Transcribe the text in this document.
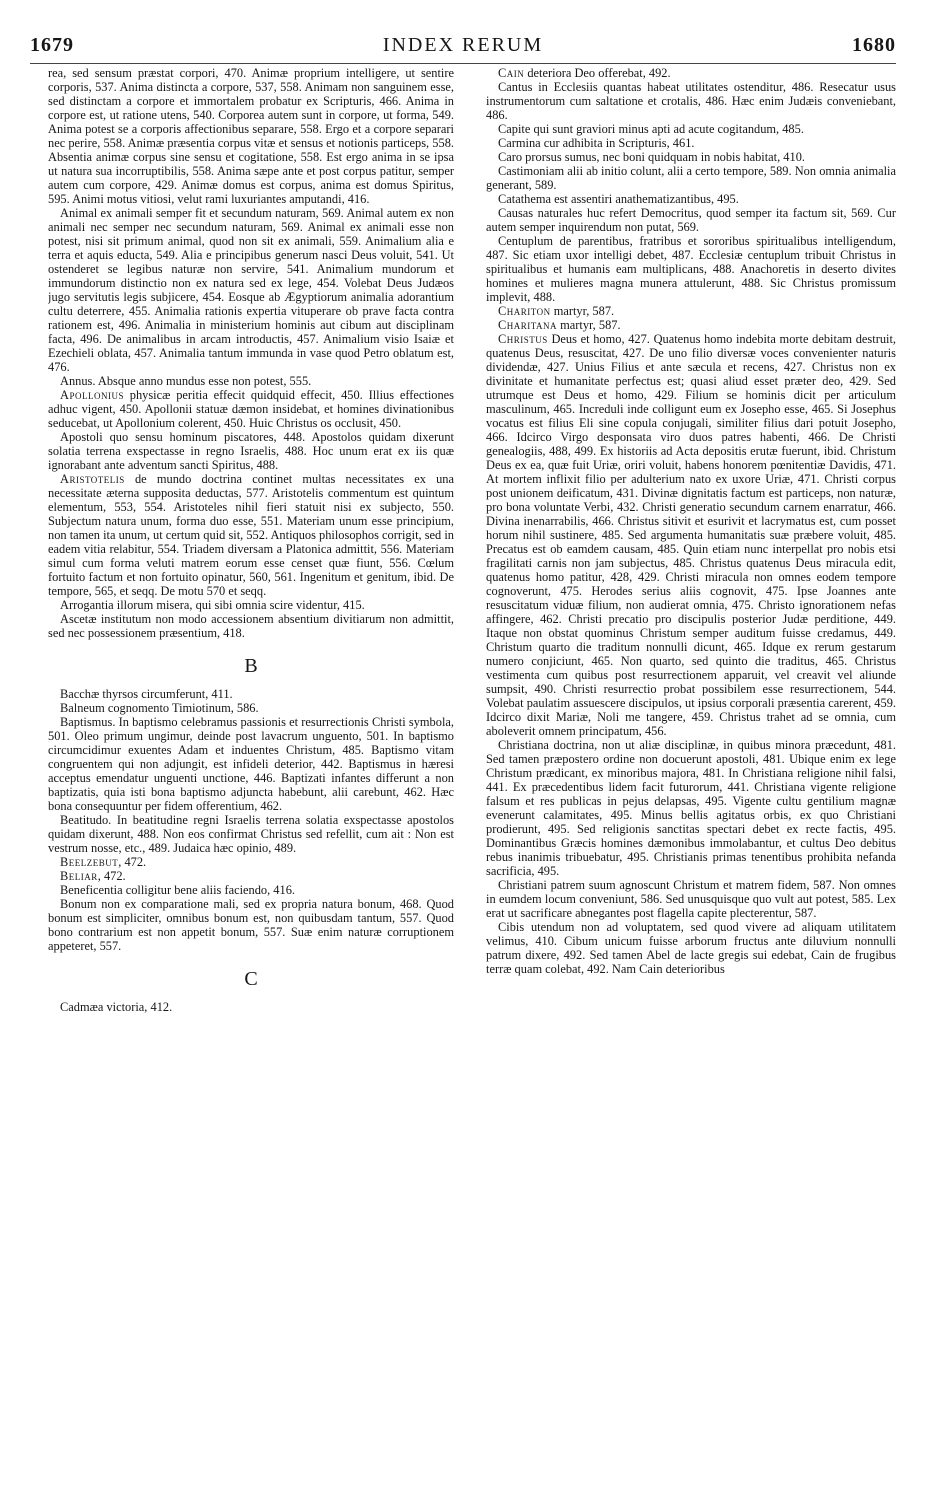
1679	INDEX RERUM	1680

rea, sed sensum præstat corpori, 470. Animæ proprium intelligere, ut sentire corporis, 537. Anima distincta a corpore, 537, 558. Animam non sanguinem esse, sed distinctam a corpore et immortalem probatur ex Scripturis, 466. Anima in corpore est, ut ratione utens, 540. Corporea autem sunt in corpore, ut forma, 549. Anima potest se a corporis affectionibus separare, 558. Ergo et a corpore separari nec perire, 558. Animæ præsentia corpus vitæ et sensus et notionis particeps, 558. Absentia animæ corpus sine sensu et cogitatione, 558. Est ergo anima in se ipsa ut natura sua incorruptibilis, 558. Anima sæpe ante et post corpus patitur, semper autem cum corpore, 429. Animæ domus est corpus, anima est domus Spiritus, 595. Animi motus vitiosi, velut rami luxuriantes amputandi, 416.

Animal ex animali semper fit et secundum naturam, 569. Animal autem ex non animali nec semper nec secundum naturam, 569. Animal ex animali esse non potest, nisi sit primum animal, quod non sit ex animali, 559. Animalium alia e terra et aquis educta, 549. Alia e principibus generum nasci Deus voluit, 541. Ut ostenderet se legibus naturæ non servire, 541. Animalium mundorum et immundorum distinctio non ex natura sed ex lege, 454. Volebat Deus Judæos jugo servitutis legis subjicere, 454. Eosque ab Ægyptiorum animalia adorantium cultu deterrere, 455. Animalia rationis expertia vituperare ob prave facta contra rationem est, 496. Animalia in ministerium hominis aut cibum aut disciplinam facta, 496. De animalibus in arcam introductis, 457. Animalium visio Isaiæ et Ezechieli oblata, 457. Animalia tantum immunda in vase quod Petro oblatum est, 476.

Annus. Absque anno mundus esse non potest, 555.

Apollonius physicæ peritia effecit quidquid effecit, 450. Illius effectiones adhuc vigent, 450. Apollonii statuæ dæmon insidebat, et homines divinationibus seducebat, ut Apollonium colerent, 450. Huic Christus os occlusit, 450.

Apostoli quo sensu hominum piscatores, 448. Apostolos quidam dixerunt solatia terrena exspectasse in regno Israelis, 488. Hoc unum erat ex iis quæ ignorabant ante adventum sancti Spiritus, 488.

Aristotelis de mundo doctrina continet multas necessitates ex una necessitate æterna supposita deductas, 577. Aristotelis commentum est quintum elementum, 553, 554. Aristoteles nihil fieri statuit nisi ex subjecto, 550. Subjectum natura unum, forma duo esse, 551. Materiam unum esse principium, non tamen ita unum, ut certum quid sit, 552. Antiquos philosophos corrigit, sed in eadem vitia relabitur, 554. Triadem diversam a Platonica admittit, 556. Materiam simul cum forma veluti matrem eorum esse censet quæ fiunt, 556. Cœlum fortuito factum et non fortuito opinatur, 560, 561. Ingenitum et genitum, ibid. De tempore, 565, et seqq. De motu 570 et seqq.

Arrogantia illorum misera, qui sibi omnia scire videntur, 415.

Ascetæ institutum non modo accessionem absentium divitiarum non admittit, sed nec possessionem præsentium, 418.

B

Bacchæ thyrsos circumferunt, 411.

Balneum cognomento Timiotinum, 586.

Baptismus. In baptismo celebramus passionis et resurrectionis Christi symbola, 501. Oleo primum ungimur, deinde post lavacrum unguento, 501. In baptismo circumcidimur exuentes Adam et induentes Christum, 485. Baptismo vitam congruentem qui non adjungit, est infideli deterior, 442. Baptismus in hæresi acceptus emendatur unguenti unctione, 446. Baptizati infantes differunt a non baptizatis, quia isti bona baptismo adjuncta habebunt, alii carebunt, 462. Hæc bona consequuntur per fidem offerentium, 462.

Beatitudo. In beatitudine regni Israelis terrena solatia exspectasse apostolos quidam dixerunt, 488. Non eos confirmat Christus sed refellit, cum ait : Non est vestrum nosse, etc., 489. Judaica hæc opinio, 489.

Beelzebut, 472.

Beliar, 472.

Beneficentia colligitur bene aliis faciendo, 416.

Bonum non ex comparatione mali, sed ex propria natura bonum, 468. Quod bonum est simpliciter, omnibus bonum est, non quibusdam tantum, 557. Quod bono contrarium est non appetit bonum, 557. Suæ enim naturæ corruptionem appeteret, 557.

C

Cadmæa victoria, 412.

Cain deteriora Deo offerebat, 492.

Cantus in Ecclesiis quantas habeat utilitates ostenditur, 486. Resecatur usus instrumentorum cum saltatione et crotalis, 486. Hæc enim Judæis conveniebant, 486.

Capite qui sunt graviori minus apti ad acute cogitandum, 485.

Carmina cur adhibita in Scripturis, 461.

Caro prorsus sumus, nec boni quidquam in nobis habitat, 410.

Castimoniam alii ab initio colunt, alii a certo tempore, 589. Non omnia animalia generant, 589.

Catathema est assentiri anathematizantibus, 495.

Causas naturales huc refert Democritus, quod semper ita factum sit, 569. Cur autem semper inquirendum non putat, 569.

Centuplum de parentibus, fratribus et sororibus spiritualibus intelligendum, 487. Sic etiam uxor intelligi debet, 487. Ecclesiæ centuplum tribuit Christus in spiritualibus et humanis eam multiplicans, 488. Anachoretis in deserto divites homines et mulieres magna munera attulerunt, 488. Sic Christus promissum implevit, 488.

Chariton martyr, 587.

Charitana martyr, 587.

Christus Deus et homo, 427. Quatenus homo indebita morte debitam destruit, quatenus Deus, resuscitat, 427. De uno filio diversæ voces convenienter naturis dividendæ, 427. Unius Filius et ante sæcula et recens, 427. Christus non ex divinitate et humanitate perfectus est; quasi aliud esset præter deo, 429. Sed utrumque est Deus et homo, 429. Filium se hominis dicit per articulum masculinum, 465. Increduli inde colligunt eum ex Josepho esse, 465. Si Josephus vocatus est filius Eli sine copula conjugali, similiter filius dari potuit Josepho, 466. Idcirco Virgo desponsata viro duos patres habenti, 466. De Christi genealogiis, 488, 499. Ex historiis ad Acta depositis erutæ fuerunt, ibid. Christum Deus ex ea, quæ fuit Uriæ, oriri voluit, habens honorem pœnitentiæ Davidis, 471. At mortem inflixit filio per adulterium nato ex uxore Uriæ, 471. Christi corpus post unionem deificatum, 431. Divinæ dignitatis factum est particeps, non naturæ, pro bona voluntate Verbi, 432. Christi generatio secundum carnem enarratur, 466. Divina inenarrabilis, 466. Christus sitivit et esurivit et lacrymatus est, cum posset horum nihil sustinere, 485. Sed argumenta humanitatis suæ præbere voluit, 485. Precatus est ob eamdem causam, 485. Quin etiam nunc interpellat pro nobis etsi fragilitati carnis non jam subjectus, 485. Christus quatenus Deus miracula edit, quatenus homo patitur, 428, 429. Christi miracula non omnes eodem tempore cognoverunt, 475. Herodes serius aliis cognovit, 475. Ipse Joannes ante resuscitatum viduæ filium, non audierat omnia, 475. Christo ignorationem nefas affingere, 462. Christi precatio pro discipulis posterior Judæ perditione, 449. Itaque non obstat quominus Christum semper auditum fuisse credamus, 449. Christum quarto die traditum nonnulli dicunt, 465. Idque ex rerum gestarum numero conjiciunt, 465. Non quarto, sed quinto die traditus, 465. Christus vestimenta cum quibus post resurrectionem apparuit, vel creavit vel aliunde sumpsit, 490. Christi resurrectio probat possibilem esse resurrectionem, 544. Volebat paulatim assuescere discipulos, ut ipsius corporali præsentia carerent, 459. Idcirco dixit Mariæ, Noli me tangere, 459. Christus trahet ad se omnia, cum aboleverit omnem principatum, 456.

Christiana doctrina, non ut aliæ disciplinæ, in quibus minora præcedunt, 481. Sed tamen præpostero ordine non docuerunt apostoli, 481. Ubique enim ex lege Christum prædicant, ex minoribus majora, 481. In Christiana religione nihil falsi, 441. Ex præcedentibus lidem facit futurorum, 441. Christiana vigente religione falsum et res publicas in pejus delapsas, 495. Vigente cultu gentilium magnæ evenerunt calamitates, 495. Minus bellis agitatus orbis, ex quo Christiani prodierunt, 495. Sed religionis sanctitas spectari debet ex recte factis, 495. Dominantibus Græcis homines dæmonibus immolabantur, et cultus Deo debitus rebus inanimis tribuebatur, 495. Christianis primas tenentibus prohibita nefanda sacrificia, 495.

Christiani patrem suum agnoscunt Christum et matrem fidem, 587. Non omnes in eumdem locum conveniunt, 586. Sed unusquisque quo vult aut potest, 585. Lex erat ut sacrificare abnegantes post flagella capite plecterentur, 587.

Cibis utendum non ad voluptatem, sed quod vivere ad aliquam utilitatem velimus, 410. Cibum unicum fuisse arborum fructus ante diluvium nonnulli patrum dixere, 492. Sed tamen Abel de lacte gregis sui edebat, Cain de frugibus terræ quam colebat, 492. Nam Cain deterioribus
